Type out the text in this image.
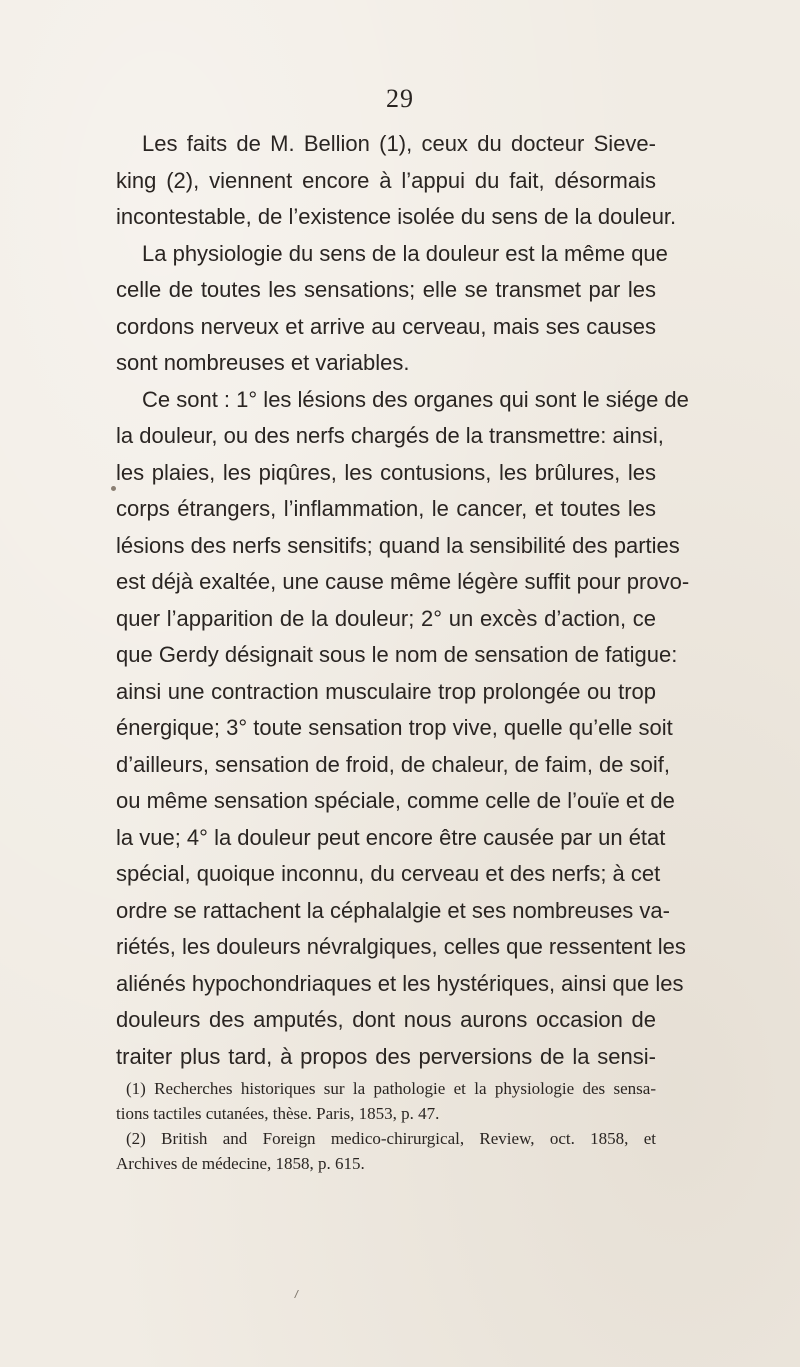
29
Les faits de M. Bellion (1), ceux du docteur Sieve-
king (2), viennent encore à l’appui du fait, désormais
incontestable, de l’existence isolée du sens de la douleur.
La physiologie du sens de la douleur est la même que
celle de toutes les sensations; elle se transmet par les
cordons nerveux et arrive au cerveau, mais ses causes
sont nombreuses et variables.
Ce sont : 1° les lésions des organes qui sont le siége de
la douleur, ou des nerfs chargés de la transmettre: ainsi,
les plaies, les piqûres, les contusions, les brûlures, les
corps étrangers, l’inflammation, le cancer, et toutes les
lésions des nerfs sensitifs; quand la sensibilité des parties
est déjà exaltée, une cause même légère suffit pour provo-
quer l’apparition de la douleur; 2° un excès d’action, ce
que Gerdy désignait sous le nom de sensation de fatigue:
ainsi une contraction musculaire trop prolongée ou trop
énergique; 3° toute sensation trop vive, quelle qu’elle soit
d’ailleurs, sensation de froid, de chaleur, de faim, de soif,
ou même sensation spéciale, comme celle de l’ouïe et de
la vue; 4° la douleur peut encore être causée par un état
spécial, quoique inconnu, du cerveau et des nerfs; à cet
ordre se rattachent la céphalalgie et ses nombreuses va-
riétés, les douleurs névralgiques, celles que ressentent les
aliénés hypochondriaques et les hystériques, ainsi que les
douleurs des amputés, dont nous aurons occasion de
traiter plus tard, à propos des perversions de la sensi-
(1) Recherches historiques sur la pathologie et la physiologie des sensa-
tions tactiles cutanées, thèse. Paris, 1853, p. 47.
(2) British and Foreign medico-chirurgical, Review, oct. 1858, et
Archives de médecine, 1858, p. 615.
